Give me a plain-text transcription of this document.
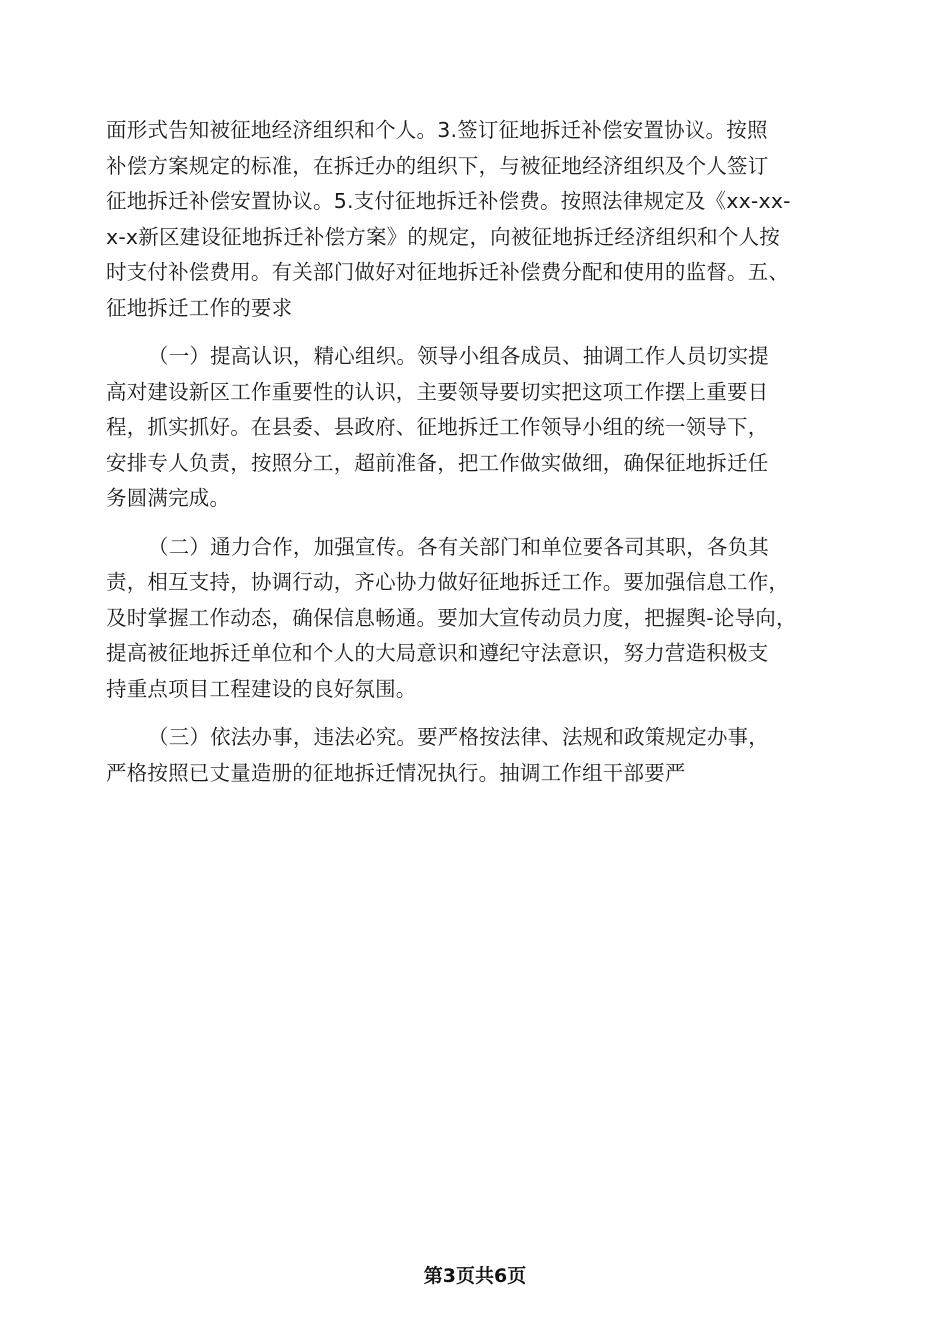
面形式告知被征地经济组织和个人。3.签订征地拆迁补偿安置协议。按照
补偿方案规定的标准，在拆迁办的组织下，与被征地经济组织及个人签订
征地拆迁补偿安置协议。5.支付征地拆迁补偿费。按照法律规定及《xx-xx-
x-x新区建设征地拆迁补偿方案》的规定，向被征地拆迁经济组织和个人按
时支付补偿费用。有关部门做好对征地拆迁补偿费分配和使用的监督。五、
征地拆迁工作的要求
（一）提高认识，精心组织。领导小组各成员、抽调工作人员切实提
高对建设新区工作重要性的认识，主要领导要切实把这项工作摆上重要日
程，抓实抓好。在县委、县政府、征地拆迁工作领导小组的统一领导下，
安排专人负责，按照分工，超前准备，把工作做实做细，确保征地拆迁任
务圆满完成。
（二）通力合作，加强宣传。各有关部门和单位要各司其职，各负其
责，相互支持，协调行动，齐心协力做好征地拆迁工作。要加强信息工作，
及时掌握工作动态，确保信息畅通。要加大宣传动员力度，把握舆-论导向，
提高被征地拆迁单位和个人的大局意识和遵纪守法意识，努力营造积极支
持重点项目工程建设的良好氛围。
（三）依法办事，违法必究。要严格按法律、法规和政策规定办事，
严格按照已丈量造册的征地拆迁情况执行。抽调工作组干部要严
第3页共6页
